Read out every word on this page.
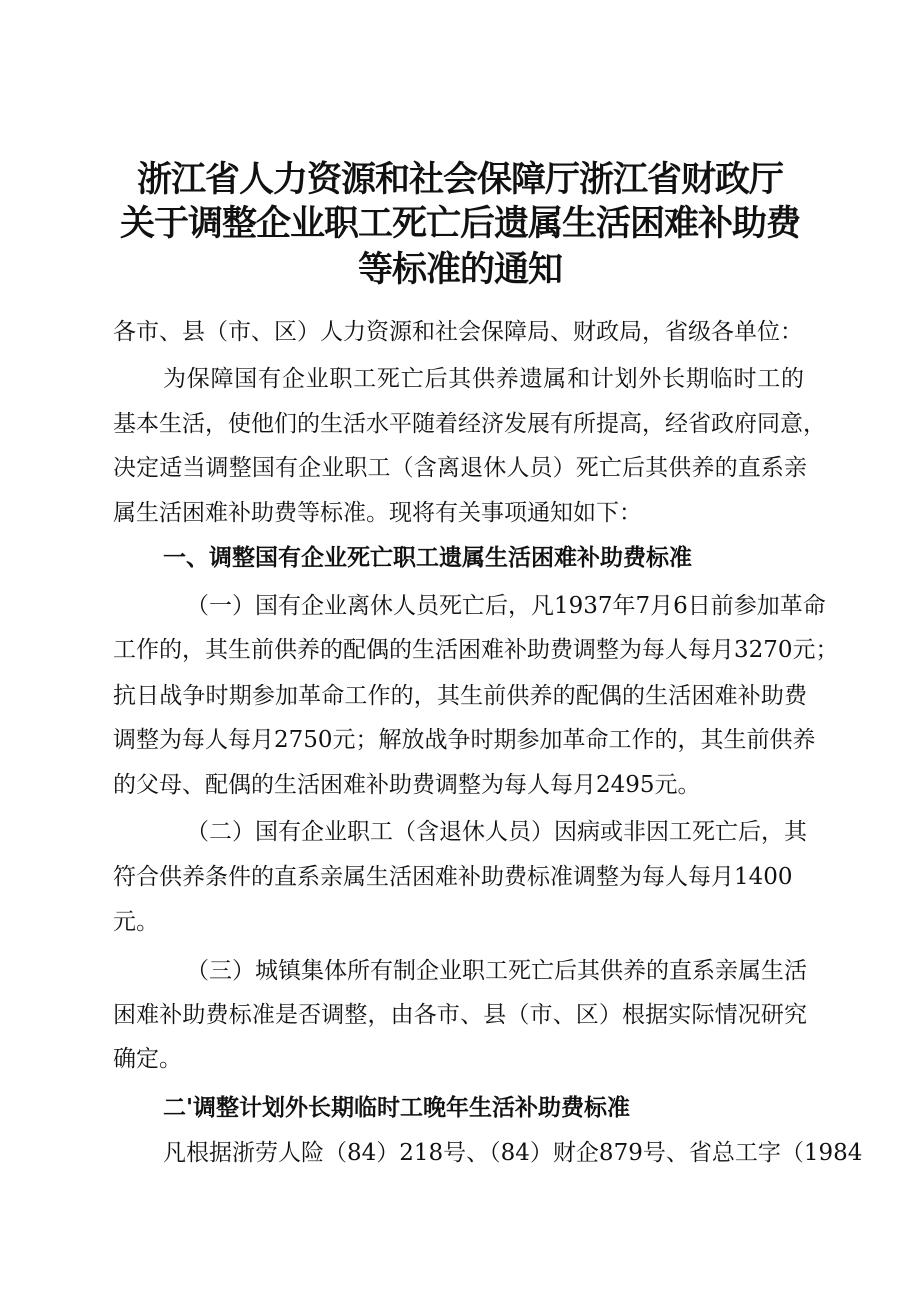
浙江省人力资源和社会保障厅浙江省财政厅
关于调整企业职工死亡后遗属生活困难补助费
等标准的通知
各市、县（市、区）人力资源和社会保障局、财政局，省级各单位：
为保障国有企业职工死亡后其供养遗属和计划外长期临时工的
基本生活，使他们的生活水平随着经济发展有所提高，经省政府同意，
决定适当调整国有企业职工（含离退休人员）死亡后其供养的直系亲
属生活困难补助费等标准。现将有关事项通知如下：
一、调整国有企业死亡职工遗属生活困难补助费标准
（一）国有企业离休人员死亡后，凡1937年7月6日前参加革命
工作的，其生前供养的配偶的生活困难补助费调整为每人每月3270元；
抗日战争时期参加革命工作的，其生前供养的配偶的生活困难补助费
调整为每人每月2750元；解放战争时期参加革命工作的，其生前供养
的父母、配偶的生活困难补助费调整为每人每月2495元。
（二）国有企业职工（含退休人员）因病或非因工死亡后，其
符合供养条件的直系亲属生活困难补助费标准调整为每人每月1400
元。
（三）城镇集体所有制企业职工死亡后其供养的直系亲属生活
困难补助费标准是否调整，由各市、县（市、区）根据实际情况研究
确定。
二'调整计划外长期临时工晚年生活补助费标准
凡根据浙劳人险（84）218号、（84）财企879号、省总工字（1984
